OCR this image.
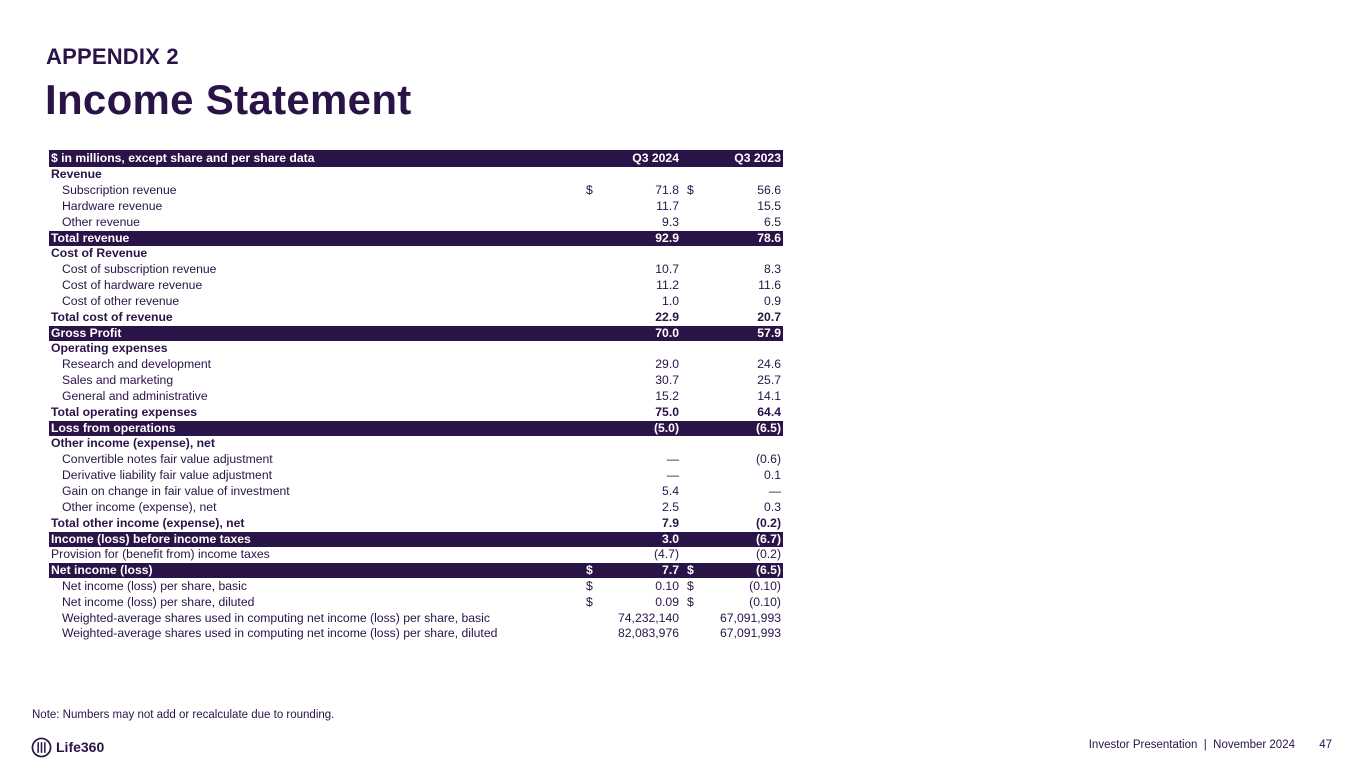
APPENDIX 2
Income Statement
$ in millions, except share and per share data	Q3 2024	Q3 2023
Revenue
Subscription revenue	$	71.8 $	56.6
Hardware revenue	11.7	15.5
Other revenue	9.3	6.5
Total revenue	92.9	78.6
Cost of Revenue
Cost of subscription revenue	10.7	8.3
Cost of hardware revenue	11.2	11.6
Cost of other revenue	1.0	0.9
Total cost of revenue	22.9	20.7
Gross Profit	70.0	57.9
Operating expenses
Research and development	29.0	24.6
Sales and marketing	30.7	25.7
General and administrative	15.2	14.1
Total operating expenses	75.0	64.4
Loss from operations	(5.0)	(6.5)
Other income (expense), net
Convertible notes fair value adjustment	—	(0.6)
Derivative liability fair value adjustment	—	0.1
Gain on change in fair value of investment	5.4	—
Other income (expense), net	2.5	0.3
Total other income (expense), net	7.9	(0.2)
Income (loss) before income taxes	3.0	(6.7)
Provision for (benefit from) income taxes	(4.7)	(0.2)
Net income (loss)	$	7.7 $	(6.5)
Net income (loss) per share, basic	$	0.10 $	(0.10)
Net income (loss) per share, diluted	$	0.09 $	(0.10)
Weighted-average shares used in computing net income (loss) per share, basic	74,232,140	67,091,993
Weighted-average shares used in computing net income (loss) per share, diluted	82,083,976	67,091,993
Note: Numbers may not add or recalculate due to rounding.
Life360	Investor Presentation  |  November 2024 47
